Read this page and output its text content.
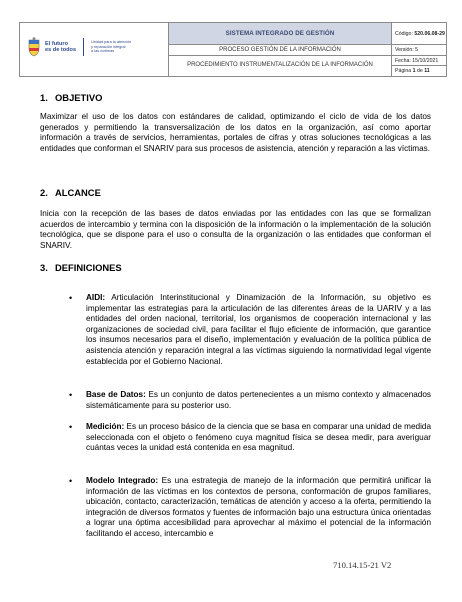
El futuro
es de todos
Unidad para la atención
y reparación integral
a las víctimas
SISTEMA INTEGRADO DE GESTIÓN
PROCESO GESTIÓN DE LA INFORMACIÓN
PROCEDIMIENTO INSTRUMENTALIZACIÓN DE LA INFORMACIÓN
Código:
520.06.08-29
Versión: 5
Fecha: 15/10/2021
Página
1
de
11
1. OBJETIVO
Maximizar el uso de los datos con estándares de calidad, optimizando el ciclo de vida de los datos generados y permitiendo la transversalización de los datos en la organización, así como aportar información a través de servicios, herramientas, portales de cifras y otras soluciones tecnológicas a las entidades que conforman el SNARIV para sus procesos de asistencia, atención y reparación a las víctimas.
2. ALCANCE
Inicia con la recepción de las bases de datos enviadas por las entidades con las que se formalizan acuerdos de intercambio y termina con la disposición de la información o la implementación de la solución tecnológica, que se dispone para el uso o consulta de la organización o las entidades que conforman el SNARIV.
3. DEFINICIONES
• AIDI: Articulación Interinstitucional y Dinamización de la Información, su objetivo es implementar las estrategias para la articulación de las diferentes áreas de la UARIV y a las entidades del orden nacional, territorial, los organismos de cooperación internacional y las organizaciones de sociedad civil, para facilitar el flujo eficiente de información, que garantice los insumos necesarios para el diseño, implementación y evaluación de la política pública de asistencia atención y reparación integral a las víctimas siguiendo la normatividad legal vigente establecida por el Gobierno Nacional.
• Base de Datos: Es un conjunto de datos pertenecientes a un mismo contexto y almacenados sistemáticamente para su posterior uso.
• Medición: Es un proceso básico de la ciencia que se basa en comparar una unidad de medida seleccionada con el objeto o fenómeno cuya magnitud física se desea medir, para averiguar cuántas veces la unidad está contenida en esa magnitud.
• Modelo Integrado: Es una estrategia de manejo de la información que permitirá unificar la información de las víctimas en los contextos de persona, conformación de grupos familiares, ubicación, contacto, caracterización, temáticas de atención y acceso a la oferta, permitiendo la integración de diversos formatos y fuentes de información bajo una estructura única orientadas a lograr una óptima accesibilidad para aprovechar al máximo el potencial de la información facilitando el acceso, intercambio e
710.14.15-21 V2
